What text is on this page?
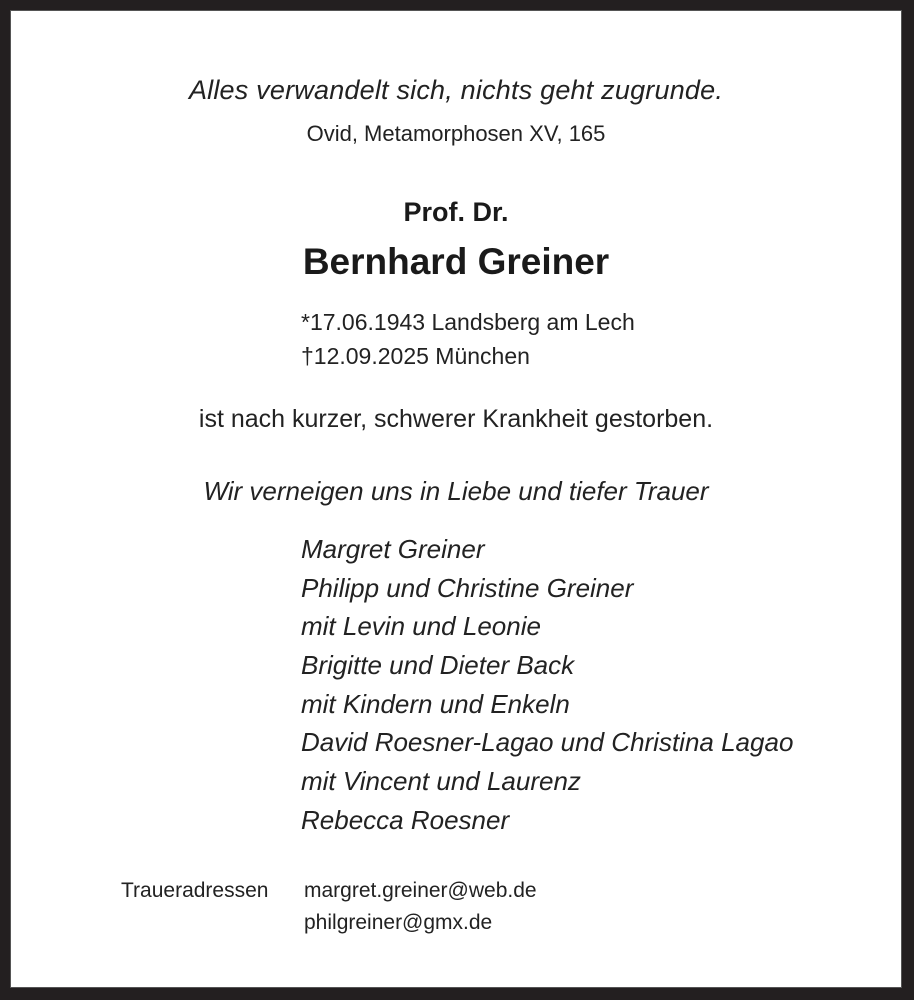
Alles verwandelt sich, nichts geht zugrunde.
Ovid, Metamorphosen XV, 165
Prof. Dr.
Bernhard Greiner
*17.06.1943 Landsberg am Lech
†12.09.2025 München
ist nach kurzer, schwerer Krankheit gestorben.
Wir verneigen uns in Liebe und tiefer Trauer
Margret Greiner
Philipp und Christine Greiner
mit Levin und Leonie
Brigitte und Dieter Back
mit Kindern und Enkeln
David Roesner-Lagao und Christina Lagao
mit Vincent und Laurenz
Rebecca Roesner
Traueradressen margret.greiner@web.de
philgreiner@gmx.de
